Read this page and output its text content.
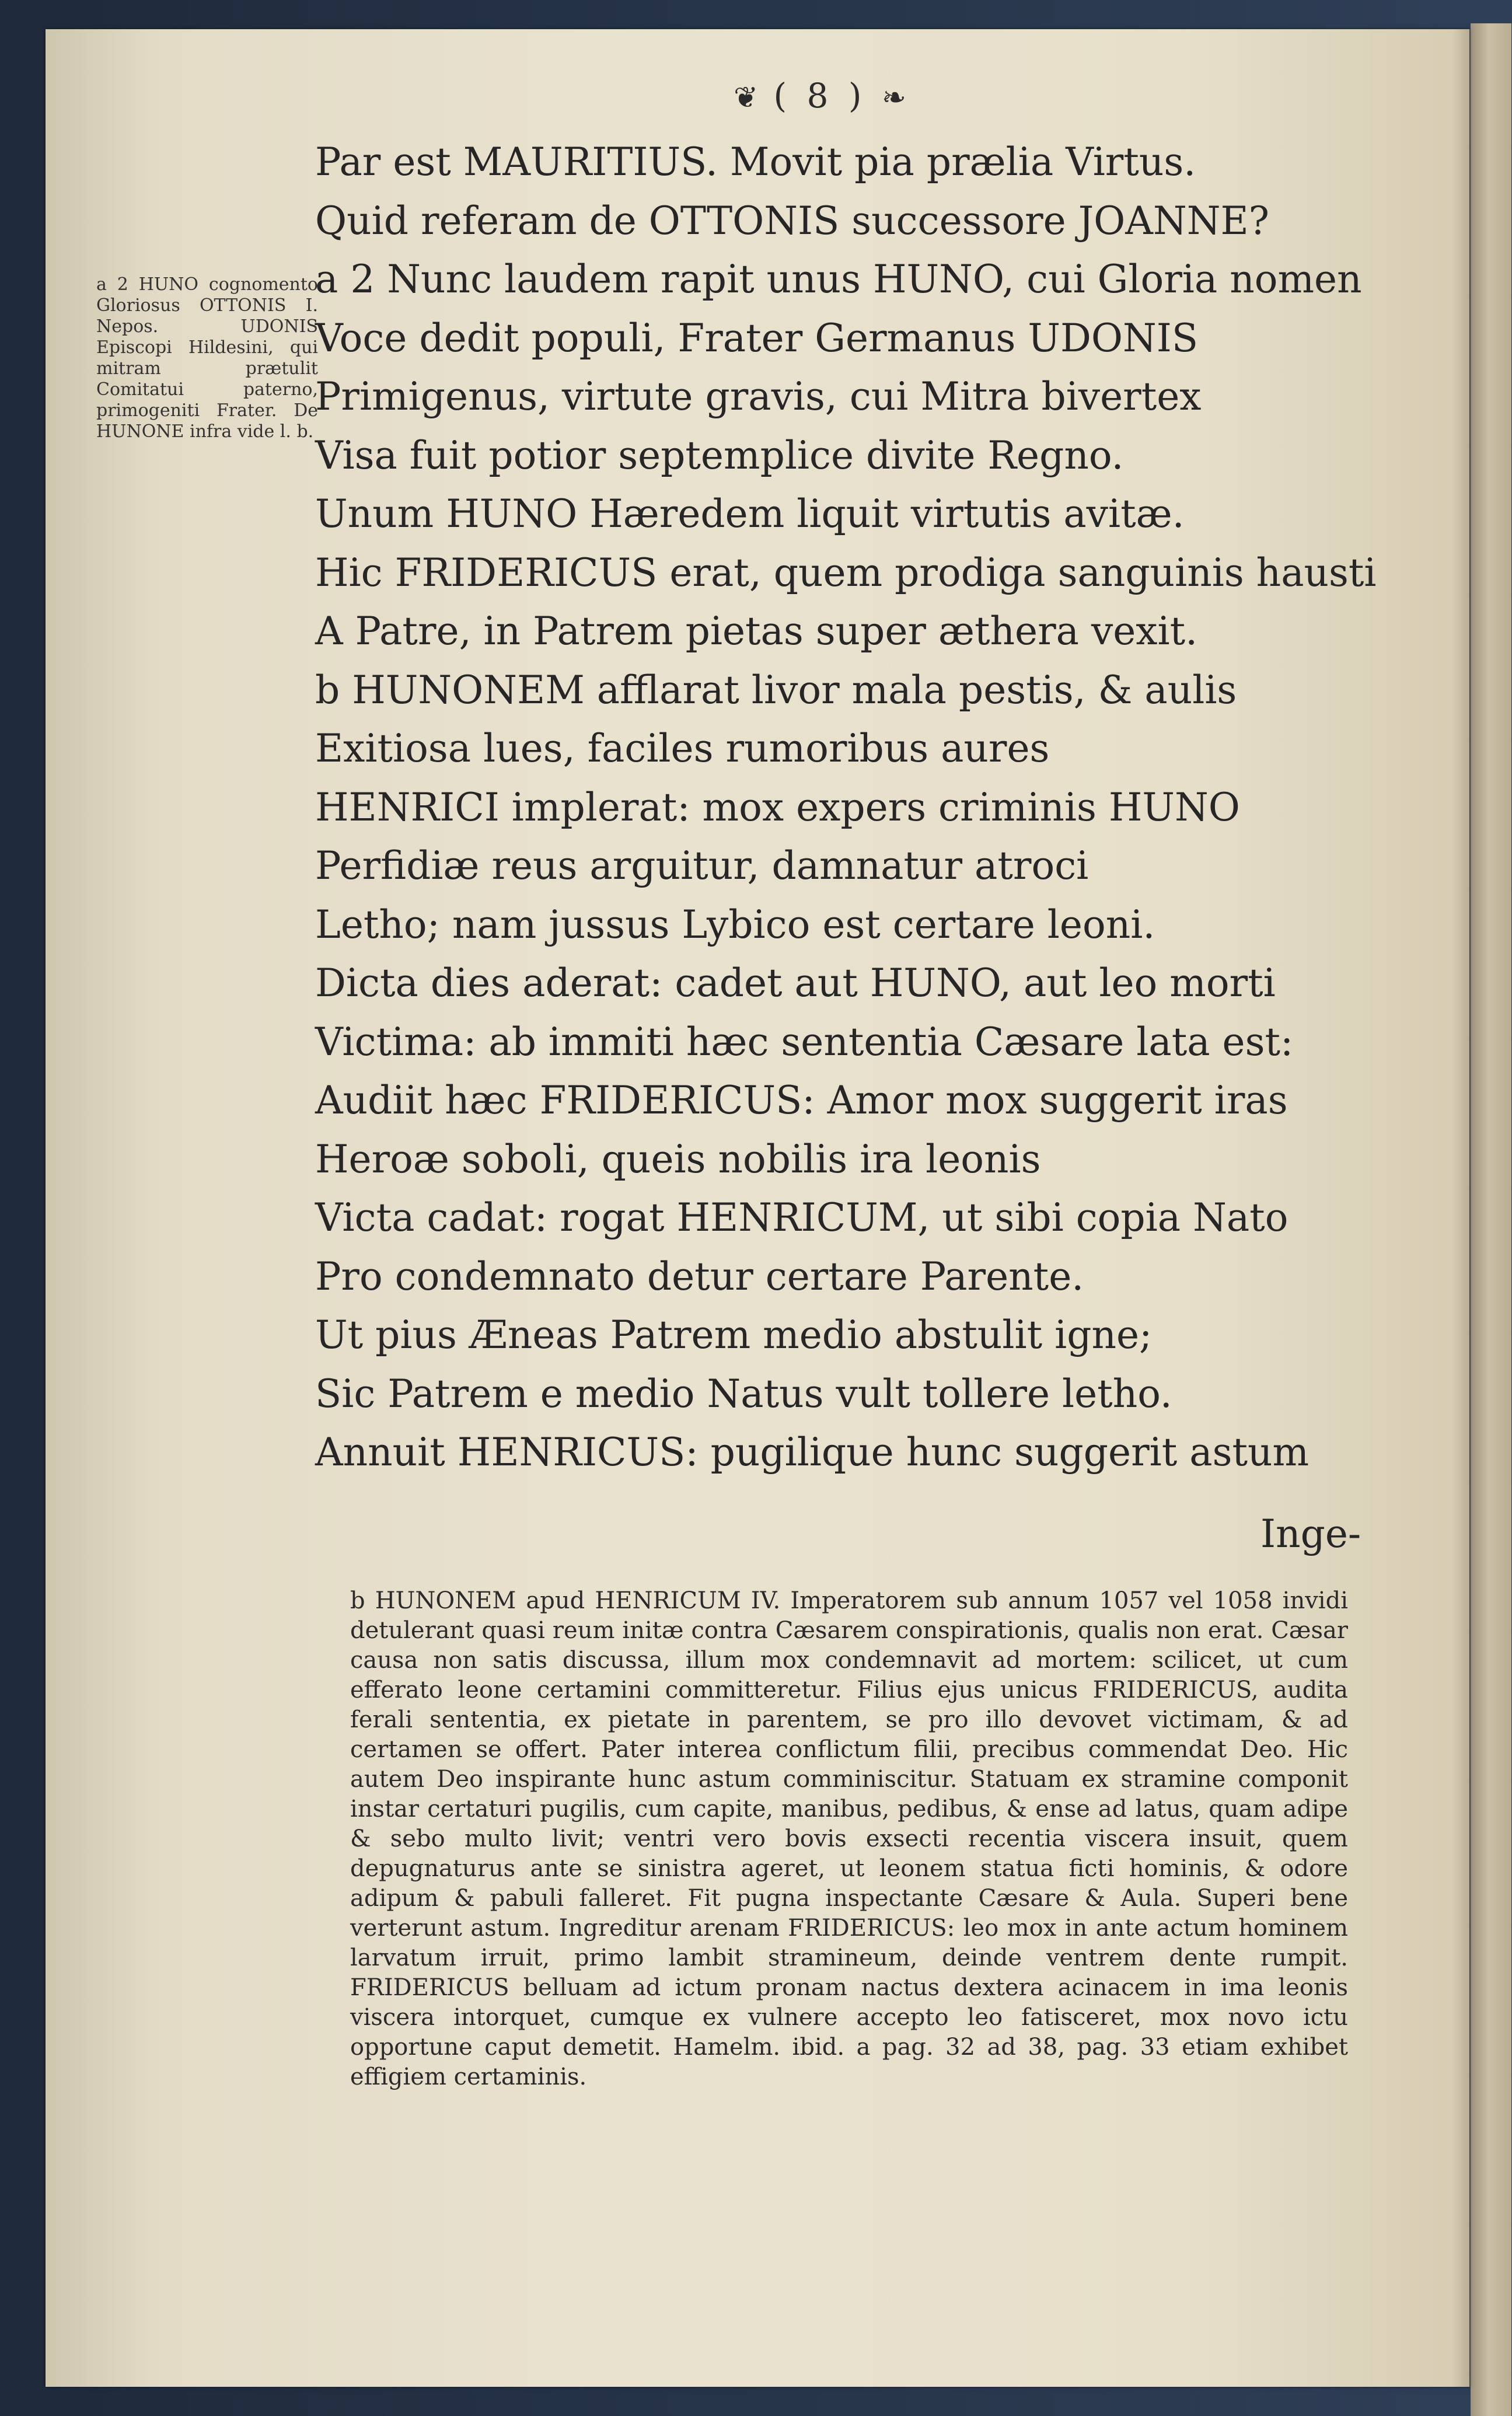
❦ ( 8 ) ❧
a 2 HUNO cognomento Gloriosus OTTONIS I. Nepos. UDONIS Episcopi Hildesini, qui mitram prætulit Comitatui paterno, primogeniti Frater. De HUNONE infra vide l. b.
Par est MAURITIUS. Movit pia prælia Virtus.
Quid referam de OTTONIS successore JOANNE?
a 2 Nunc laudem rapit unus HUNO, cui Gloria nomen
Voce dedit populi, Frater Germanus UDONIS
Primigenus, virtute gravis, cui Mitra bivertex
Visa fuit potior septemplice divite Regno.
Unum HUNO Hæredem liquit virtutis avitæ.
Hic FRIDERICUS erat, quem prodiga sanguinis hausti
A Patre, in Patrem pietas super æthera vexit.
b HUNONEM afflarat livor mala pestis, & aulis
Exitiosa lues, faciles rumoribus aures
HENRICI implerat: mox expers criminis HUNO
Perfidiæ reus arguitur, damnatur atroci
Letho; nam jussus Lybico est certare leoni.
Dicta dies aderat: cadet aut HUNO, aut leo morti
Victima: ab immiti hæc sententia Cæsare lata est:
Audiit hæc FRIDERICUS: Amor mox suggerit iras
Heroæ soboli, queis nobilis ira leonis
Victa cadat: rogat HENRICUM, ut sibi copia Nato
Pro condemnato detur certare Parente.
Ut pius Æneas Patrem medio abstulit igne;
Sic Patrem e medio Natus vult tollere letho.
Annuit HENRICUS: pugilique hunc suggerit astum
Inge-
b HUNONEM apud HENRICUM IV. Imperatorem sub annum 1057 vel 1058 invidi detulerant quasi reum initæ contra Cæsarem conspirationis, qualis non erat. Cæsar causa non satis discussa, illum mox condemnavit ad mortem: scilicet, ut cum efferato leone certamini committeretur. Filius ejus unicus FRIDERICUS, audita ferali sententia, ex pietate in parentem, se pro illo devovet victimam, & ad certamen se offert. Pater interea conflictum filii, precibus commendat Deo. Hic autem Deo inspirante hunc astum comminiscitur. Statuam ex stramine componit instar certaturi pugilis, cum capite, manibus, pedibus, & ense ad latus, quam adipe & sebo multo livit; ventri vero bovis exsecti recentia viscera insuit, quem depugnaturus ante se sinistra ageret, ut leonem statua ficti hominis, & odore adipum & pabuli falleret. Fit pugna inspectante Cæsare & Aula. Superi bene verterunt astum. Ingreditur arenam FRIDERICUS: leo mox in ante actum hominem larvatum irruit, primo lambit stramineum, deinde ventrem dente rumpit. FRIDERICUS belluam ad ictum pronam nactus dextera acinacem in ima leonis viscera intorquet, cumque ex vulnere accepto leo fatisceret, mox novo ictu opportune caput demetit. Hamelm. ibid. a pag. 32 ad 38, pag. 33 etiam exhibet effigiem certaminis.
